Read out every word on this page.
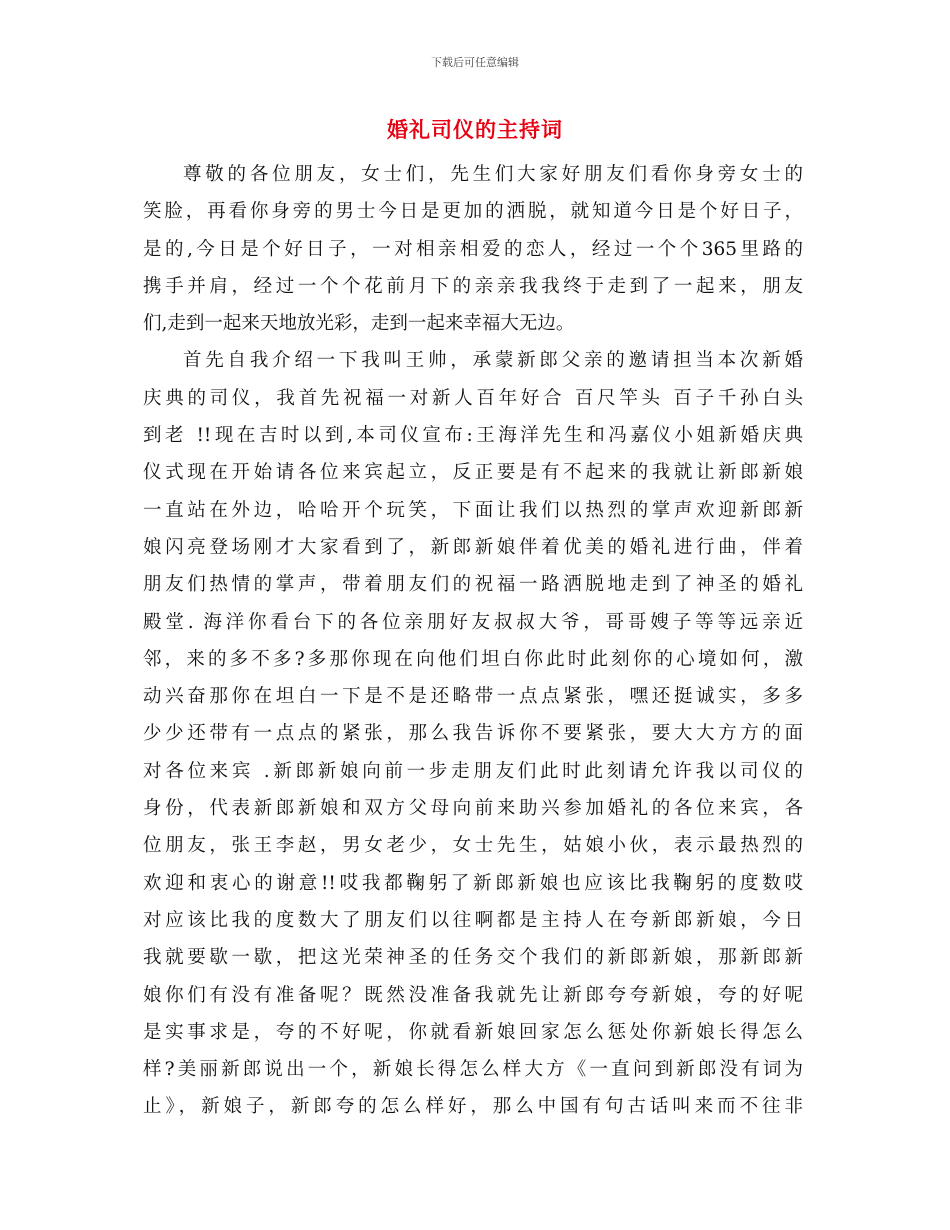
下载后可任意编辑
婚礼司仪的主持词
尊敬的各位朋友，女士们，先生们大家好朋友们看你身旁女士的
笑脸，再看你身旁的男士今日是更加的洒脱，就知道今日是个好日子，
是的,今日是个好日子，一对相亲相爱的恋人，经过一个个365里路的
携手并肩，经过一个个花前月下的亲亲我我终于走到了一起来，朋友
们,走到一起来天地放光彩，走到一起来幸福大无边。
首先自我介绍一下我叫王帅，承蒙新郎父亲的邀请担当本次新婚
庆典的司仪，我首先祝福一对新人百年好合 百尺竿头 百子千孙白头
到老 !!现在吉时以到,本司仪宣布:王海洋先生和冯嘉仪小姐新婚庆典
仪式现在开始请各位来宾起立，反正要是有不起来的我就让新郎新娘
一直站在外边，哈哈开个玩笑，下面让我们以热烈的掌声欢迎新郎新
娘闪亮登场刚才大家看到了，新郎新娘伴着优美的婚礼进行曲，伴着
朋友们热情的掌声，带着朋友们的祝福一路洒脱地走到了神圣的婚礼
殿堂. 海洋你看台下的各位亲朋好友叔叔大爷，哥哥嫂子等等远亲近
邻，来的多不多?多那你现在向他们坦白你此时此刻你的心境如何，激
动兴奋那你在坦白一下是不是还略带一点点紧张，嘿还挺诚实，多多
少少还带有一点点的紧张，那么我告诉你不要紧张，要大大方方的面
对各位来宾 .新郎新娘向前一步走朋友们此时此刻请允许我以司仪的
身份，代表新郎新娘和双方父母向前来助兴参加婚礼的各位来宾，各
位朋友，张王李赵，男女老少，女士先生，姑娘小伙，表示最热烈的
欢迎和衷心的谢意!!哎我都鞠躬了新郎新娘也应该比我鞠躬的度数哎
对应该比我的度数大了朋友们以往啊都是主持人在夸新郎新娘，今日
我就要歇一歇，把这光荣神圣的任务交个我们的新郎新娘，那新郎新
娘你们有没有准备呢？既然没准备我就先让新郎夸夸新娘，夸的好呢
是实事求是，夸的不好呢，你就看新娘回家怎么惩处你新娘长得怎么
样?美丽新郎说出一个，新娘长得怎么样大方《一直问到新郎没有词为
止》，新娘子，新郎夸的怎么样好，那么中国有句古话叫来而不往非
